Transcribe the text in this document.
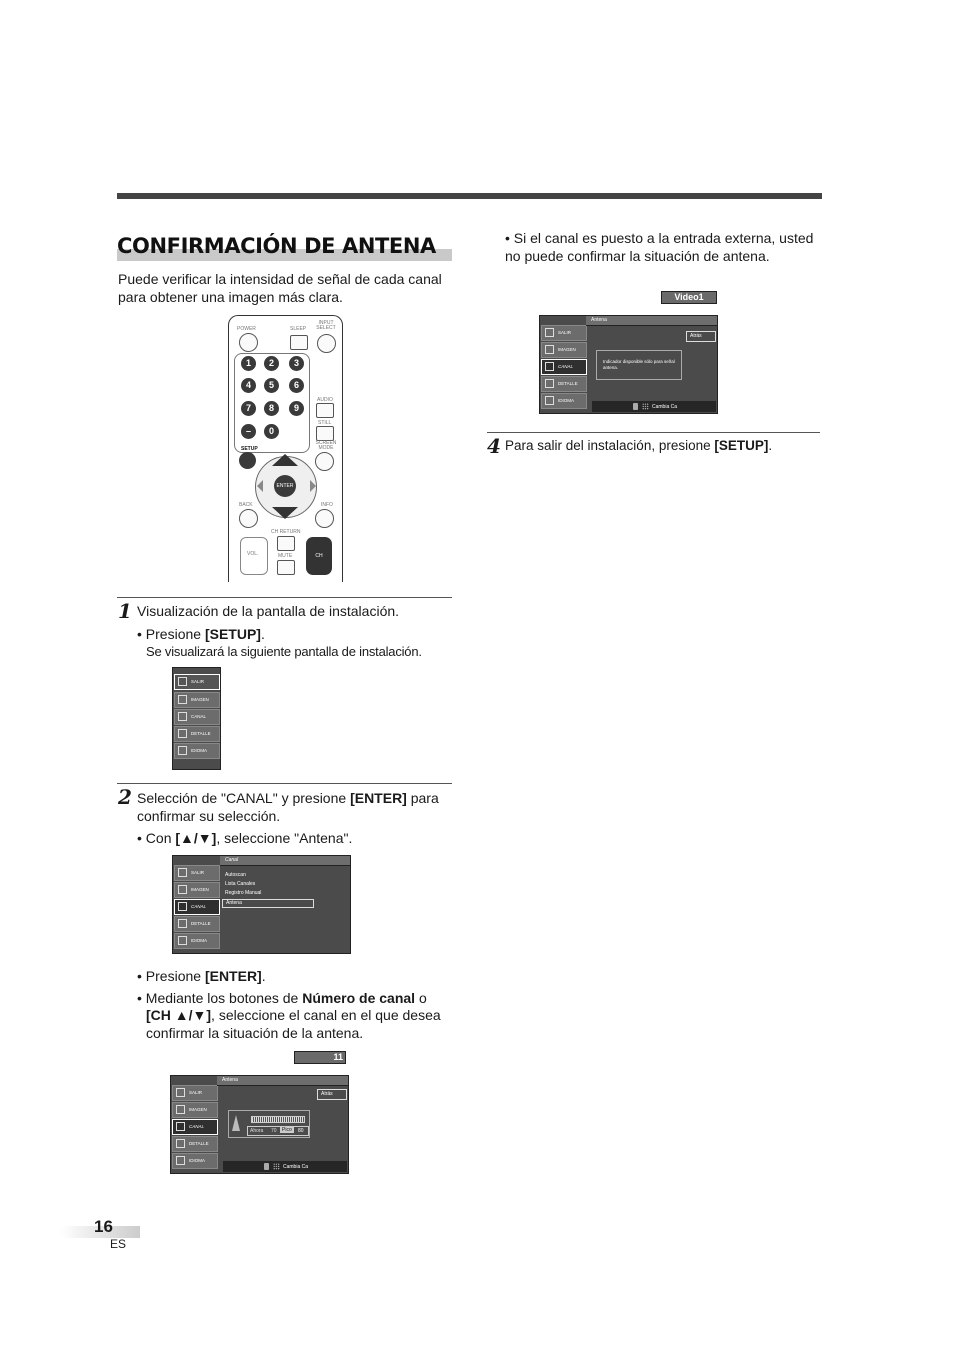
CONFIRMACIÓN DE ANTENA
Puede verificar la intensidad de señal de cada canal para obtener una imagen más clara.
POWER	SLEEP
INPUT SELECT
1	2	3
4	5	6
7	8	9
–	0
AUDIO
STILL
SETUP
SCREEN MODE
ENTER
BACK	INFO
CH RETURN
VOL.	MUTE	CH
1 Visualización de la pantalla de instalación.
• Presione [SETUP].
Se visualizará la siguiente pantalla de instalación.
SALIR
IMAGEN
CANAL
DETALLE
IDIOMA
2 Selección de "CANAL" y presione [ENTER] para confirmar su selección.
• Con [▲/▼], seleccione "Antena".
SALIR
IMAGEN
CANAL
DETALLE
IDIOMA
Canal
Autoscan
Lista Canales
Registro Manual
Antena
• Presione [ENTER].
• Mediante los botones de Número de canal o
[CH ▲/▼], seleccione el canal en el que desea confirmar la situación de la antena.
11
SALIR
IMAGEN
CANAL
DETALLE
IDIOMA
Antena
Atrás
Ahora 70	Pico	80
Cambia Ca
• Si el canal es puesto a la entrada externa, usted no puede confirmar la situación de antena.
Video1
SALIR
IMAGEN
CANAL
DETALLE
IDIOMA
Antena
Atrás
Indicador disponible sólo para señal antena.
Cambia Ca
4 Para salir del instalación, presione [SETUP].
16
ES
